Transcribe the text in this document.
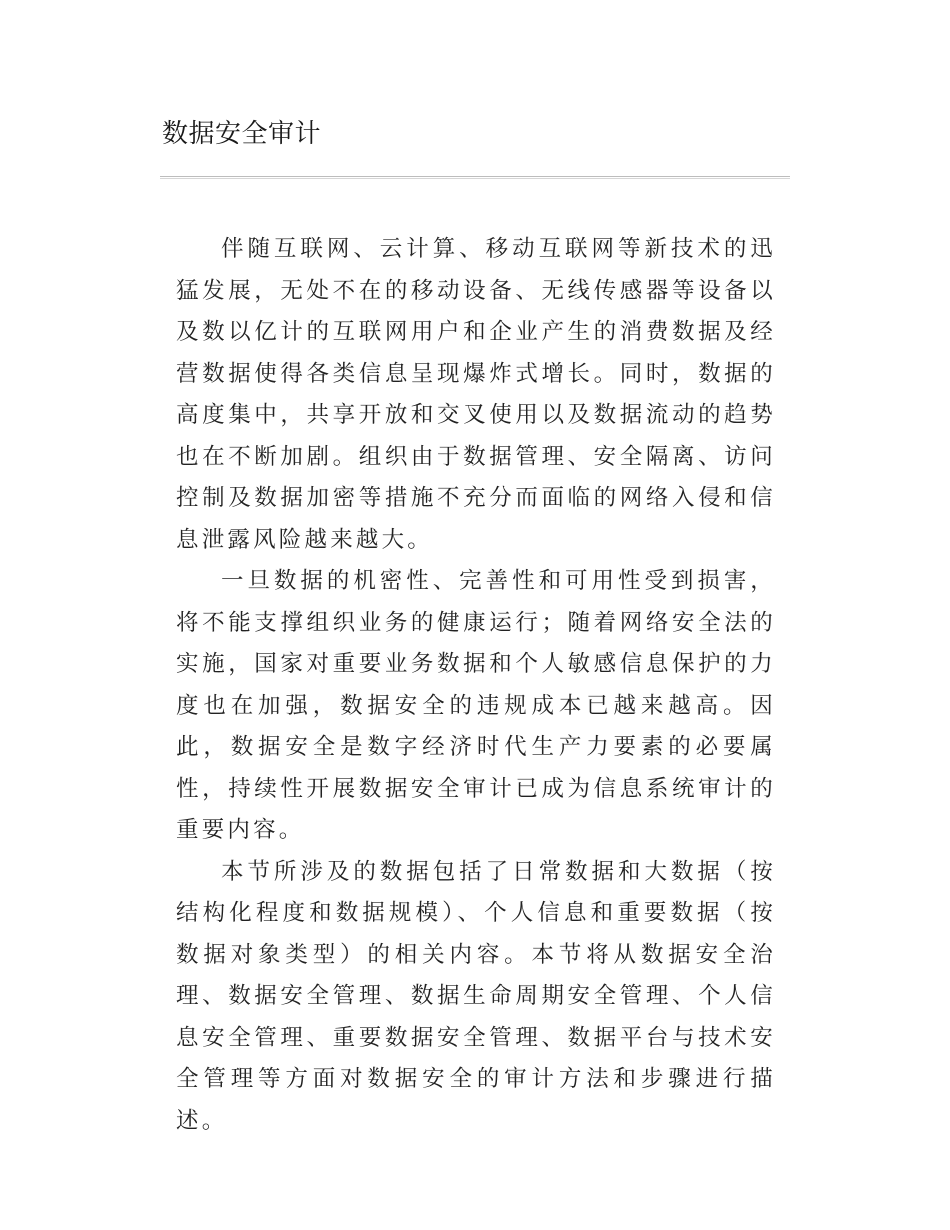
数据安全审计

伴随互联网、云计算、移动互联网等新技术的迅猛发展，无处不在的移动设备、无线传感器等设备以及数以亿计的互联网用户和企业产生的消费数据及经营数据使得各类信息呈现爆炸式增长。同时，数据的高度集中，共享开放和交叉使用以及数据流动的趋势也在不断加剧。组织由于数据管理、安全隔离、访问控制及数据加密等措施不充分而面临的网络入侵和信息泄露风险越来越大。

一旦数据的机密性、完善性和可用性受到损害，将不能支撑组织业务的健康运行；随着网络安全法的实施，国家对重要业务数据和个人敏感信息保护的力度也在加强，数据安全的违规成本已越来越高。因此，数据安全是数字经济时代生产力要素的必要属性，持续性开展数据安全审计已成为信息系统审计的重要内容。

本节所涉及的数据包括了日常数据和大数据（按结构化程度和数据规模）、个人信息和重要数据（按数据对象类型）的相关内容。本节将从数据安全治理、数据安全管理、数据生命周期安全管理、个人信息安全管理、重要数据安全管理、数据平台与技术安全管理等方面对数据安全的审计方法和步骤进行描述。
